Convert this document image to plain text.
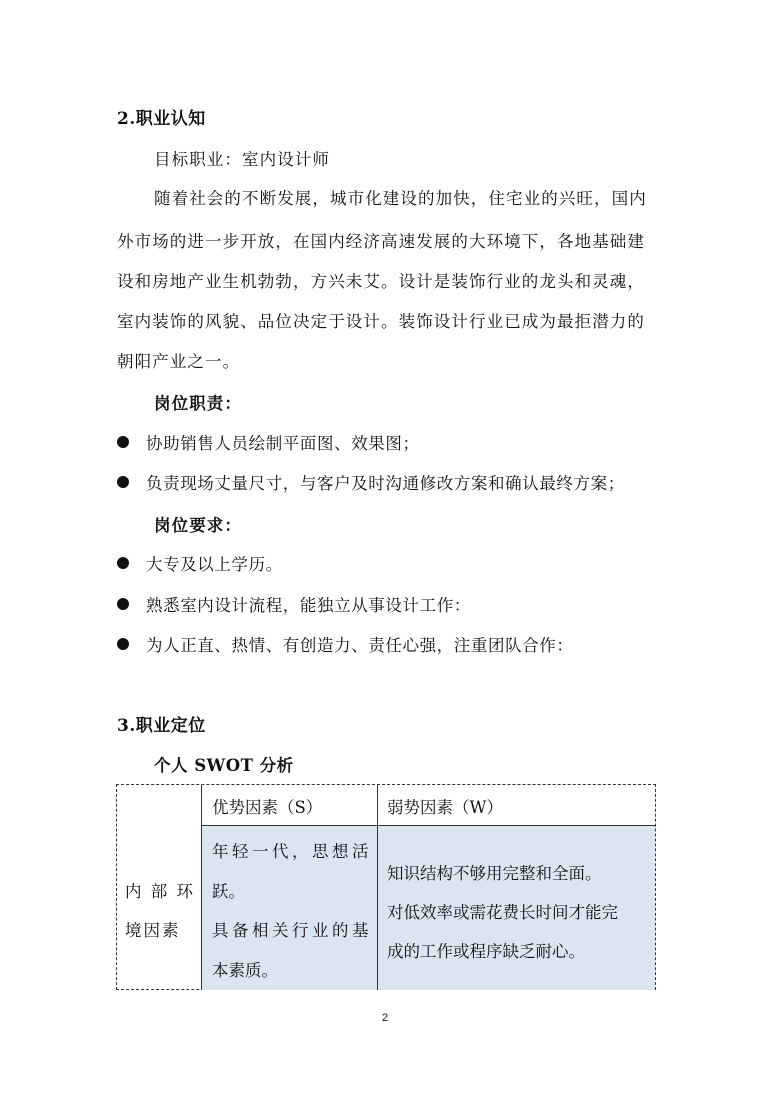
2.职业认知
目标职业：室内设计师
随着社会的不断发展，城市化建设的加快，住宅业的兴旺，国内
外市场的进一步开放，在国内经济高速发展的大环境下，各地基础建
设和房地产业生机勃勃，方兴未艾。设计是装饰行业的龙头和灵魂，
室内装饰的风貌、品位决定于设计。装饰设计行业已成为最拒潜力的
朝阳产业之一。
岗位职责：
协助销售人员绘制平面图、效果图；
负责现场丈量尺寸，与客户及时沟通修改方案和确认最终方案；
岗位要求：
大专及以上学历。
熟悉室内设计流程，能独立从事设计工作：
为人正直、热情、有创造力、责任心强，注重团队合作：
3.职业定位
个人 SWOT 分析
优势因素（S）	弱势因素（W）
内 部 环
境因素
年轻一代，思想活
跃。
具备相关行业的基
本素质。
知识结构不够用完整和全面。
对低效率或需花费长时间才能完
成的工作或程序缺乏耐心。
2
